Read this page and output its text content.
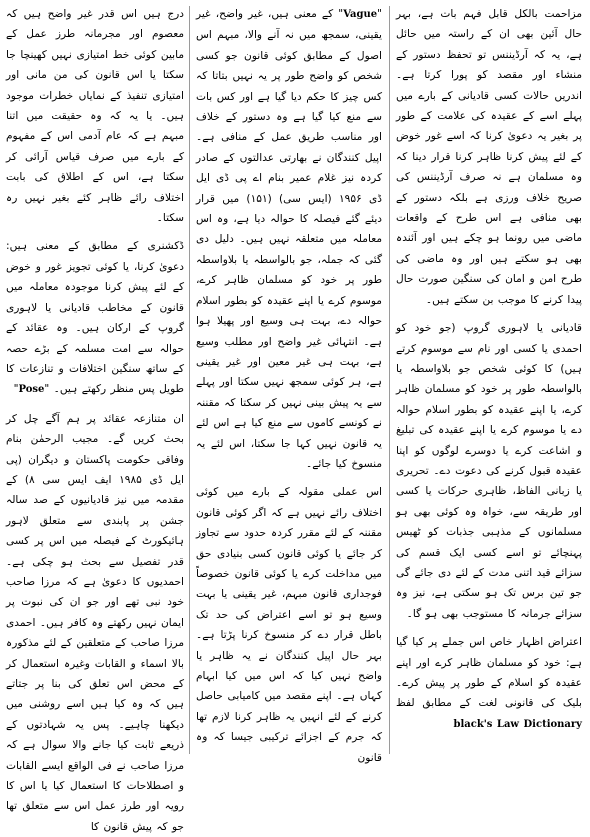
مزاحمت بالکل قابل فہم بات ہے، بہر حال آئین بھی ان کے راستہ میں حائل ہے، یہ کہ آرڈیننس تو تحفظ دستور کے منشاء اور مقصد کو پورا کرتا ہے۔ اندریں حالات کسی قادیانی کے بارے میں پہلے اسے کے عقیدہ کی علامت کے طور پر بغیر یہ دعویٰ کرنا کہ اسے غور خوض کے لئے پیش کرنا ظاہر کرنا قرار دینا کہ وہ مسلمان ہے نہ صرف آرڈیننس کی صریح خلاف ورزی ہے بلکہ دستور کے بھی منافی ہے اس طرح کے واقعات ماضی میں رونما ہو چکے ہیں اور آئندہ بھی ہو سکتے ہیں اور وہ ماضی کی طرح امن و امان کی سنگین صورت حال پیدا کرنے کا موجب بن سکتے ہیں۔

قادیانی یا لاہوری گروپ (جو خود کو احمدی یا کسی اور نام سے موسوم کرتے ہیں) کا کوئی شخص جو بلاواسطہ یا بالواسطہ طور پر خود کو مسلمان ظاہر کرے، یا اپنے عقیدہ کو بطور اسلام حوالہ دے یا موسوم کرے یا اپنے عقیدہ کی تبلیغ و اشاعت کرے یا دوسرے لوگوں کو اپنا عقیدہ قبول کرنے کی دعوت دے۔ تحریری یا زبانی الفاظ، ظاہری حرکات یا کسی اور طریقہ سے، خواہ وہ کوئی بھی ہو مسلمانوں کے مذہبی جذبات کو ٹھیس پہنچائے تو اسے کسی ایک قسم کی سزائے قید اتنی مدت کے لئے دی جائے گی جو تین برس تک ہو سکتی ہے، نیز وہ سزائے جرمانہ کا مستوجب بھی ہو گا۔

اعتراض اظہار خاص اس جملے پر کیا گیا ہے: خود کو مسلمان ظاہر کرے اور اپنے عقیدہ کو اسلام کے طور پر پیش کرے۔ بلیک کی قانونی لغت کے مطابق لفظ black's Law Dictionary

"Vague" کے معنی ہیں، غیر واضح، غیر یقینی، سمجھ میں نہ آنے والا، مبہم اس اصول کے مطابق کوئی قانون جو کسی شخص کو واضح طور پر یہ نہیں بتاتا کہ کس چیز کا حکم دیا گیا ہے اور کس بات سے منع کیا گیا ہے وہ دستور کے خلاف اور مناسب طریق عمل کے منافی ہے۔ اپیل کنندگان نے بھارتی عدالتوں کے صادر کردہ نیز غلام عمیر بنام اے پی ڈی ایل ڈی ۱۹۵۶ (ایس سی) (۱۵۱) میں قرار دیئے گئے فیصلہ کا حوالہ دیا ہے، وہ اس معاملہ میں متعلقہ نہیں ہیں۔ دلیل دی گئی کہ جملہ، جو بالواسطہ یا بلاواسطہ طور پر خود کو مسلمان ظاہر کرے، موسوم کرے یا اپنے عقیدہ کو بطور اسلام حوالہ دے، بہت ہی وسیع اور پھیلا ہوا ہے۔ انتہائی غیر واضح اور مطلب وسیع ہے، بہت ہی غیر معین اور غیر یقینی ہے، ہر کوئی سمجھ نہیں سکتا اور پہلے سے یہ پیش بینی نہیں کر سکتا کہ مقننہ نے کونسے کاموں سے منع کیا ہے اس لئے یہ قانون نہیں کہا جا سکتا، اس لئے یہ منسوخ کیا جائے۔

اس عملی مقولہ کے بارے میں کوئی اختلاف رائے نہیں ہے کہ اگر کوئی قانون مقننہ کے لئے مقرر کردہ حدود سے تجاوز کر جائے یا کوئی قانون کسی بنیادی حق میں مداخلت کرے یا کوئی قانون خصوصاً فوجداری قانون مبہم، غیر یقینی یا بہت وسیع ہو تو اسے اعتراض کی حد تک باطل قرار دے کر منسوخ کرنا پڑتا ہے۔ بہر حال اپیل کنندگان نے یہ ظاہر یا واضح نہیں کیا کہ اس میں کیا ابہام کہاں ہے۔ اپنے مقصد میں کامیابی حاصل کرنے کے لئے انہیں یہ ظاہر کرنا لازم تھا کہ جرم کے اجزائے ترکیبی جیسا کہ وہ قانون

درج ہیں اس قدر غیر واضح ہیں کہ معصوم اور مجرمانہ طرز عمل کے مابین کوئی خط امتیازی نہیں کھینچا جا سکتا یا اس قانون کی من مانی اور امتیازی تنفیذ کے نمایاں خطرات موجود ہیں۔ یا یہ کہ وہ حقیقت میں اتنا مبہم ہے کہ عام آدمی اس کے مفہوم کے بارے میں صرف قیاس آرائی کر سکتا ہے، اس کے اطلاق کی بابت اختلاف رائے ظاہر کئے بغیر نہیں رہ سکتا۔

ڈکشنری کے مطابق کے معنی ہیں: دعویٰ کرنا، یا کوئی تجویز غور و خوض کے لئے پیش کرنا موجودہ معاملہ میں قانون کے مخاطب قادیانی یا لاہوری گروپ کے ارکان ہیں۔ وہ عقائد کے حوالہ سے امت مسلمہ کے بڑے حصہ کے ساتھ سنگین اختلافات و تنازعات کا طویل پس منظر رکھتے ہیں۔ "Pose"

ان متنازعہ عقائد پر ہم آگے چل کر بحث کریں گے۔ مجیب الرحمٰن بنام وفاقی حکومت پاکستان و دیگران (پی ایل ڈی ۱۹۸۵ ایف ایس سی ۸) کے مقدمہ میں نیز قادیانیوں کے صد سالہ جشن پر پابندی سے متعلق لاہور ہائیکورٹ کے فیصلہ میں اس پر کسی قدر تفصیل سے بحث ہو چکی ہے۔ احمدیوں کا دعویٰ ہے کہ مرزا صاحب خود نبی تھے اور جو ان کی نبوت پر ایمان نہیں رکھتے وہ کافر ہیں۔ احمدی مرزا صاحب کے متعلقین کے لئے مذکورہ بالا اسماء و القابات وغیرہ استعمال کر کے محض اس تعلق کی بنا پر جتاتے ہیں کہ وہ کیا ہیں اسے روشنی میں دیکھنا چاہیے۔ پس یہ شہادتوں کے ذریعے ثابت کیا جانے والا سوال ہے کہ مرزا صاحب نے فی الواقع ایسے القابات و اصطلاحات کا استعمال کیا یا اس کا رویہ اور طرز عمل اس سے متعلق تھا جو کہ پیش قانون کا
